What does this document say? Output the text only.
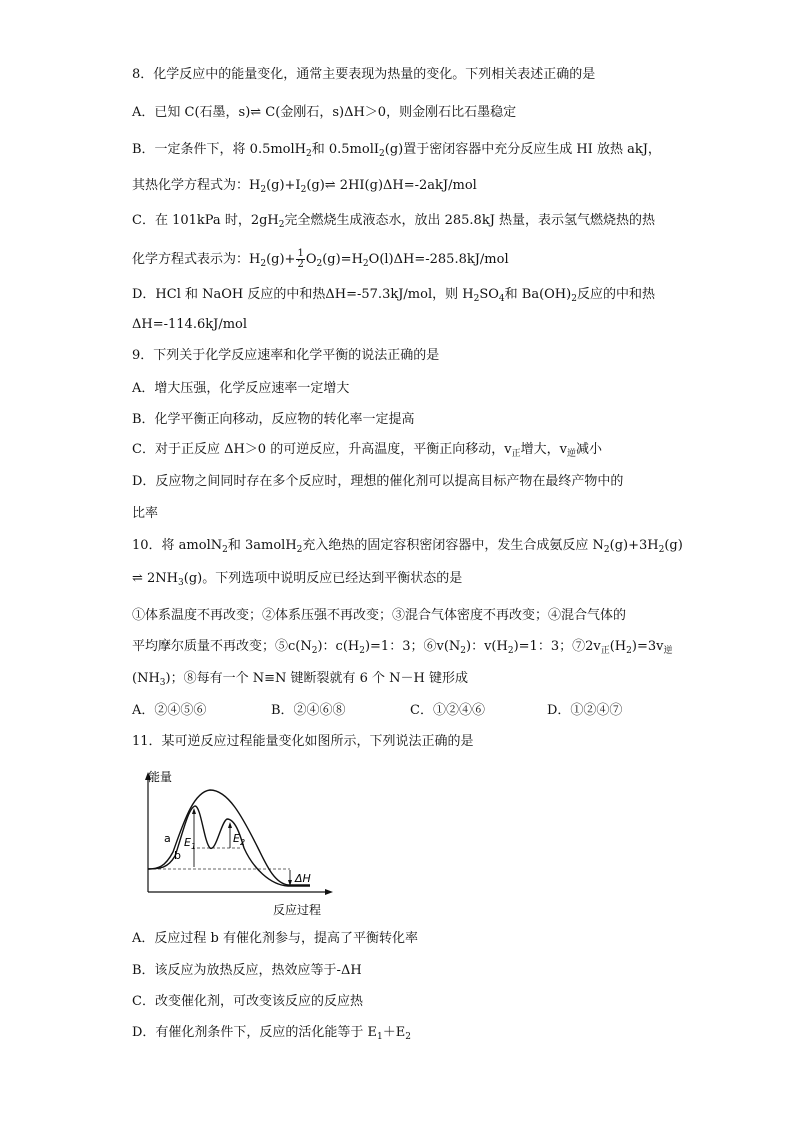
8．化学反应中的能量变化，通常主要表现为热量的变化。下列相关表述正确的是
A．已知 C(石墨，s)⇌ C(金刚石，s)ΔH＞0，则金刚石比石墨稳定
B．一定条件下，将 0.5molH$_2$和 0.5molI$_2$(g)置于密闭容器中充分反应生成 HI 放热 akJ，
其热化学方程式为：$H_2(g)+I_2(g)\rightleftharpoons$ 2HI(g)ΔH=-2akJ/mol
C．在 101kPa 时，$2gH_2$完全燃烧生成液态水，放出 285.8kJ 热量，表示氢气燃烧热的热
化学方程式表示为：$H_2(g)+ \frac{1}{2} O_2(g)=H_2O(l)\Delta H=-285.8kJ/mol$
D．HCl 和 NaOH 反应的中和热ΔH=-57.3kJ/mol，则 $H_2SO_4$和 $Ba(OH)_2$反应的中和热
ΔH=-114.6kJ/mol
9．下列关于化学反应速率和化学平衡的说法正确的是
A．增大压强，化学反应速率一定增大
B．化学平衡正向移动，反应物的转化率一定提高
C．对于正反应 ΔH＞0 的可逆反应，升高温度，平衡正向移动，$v_正$增大，$v_逆$减小
D．反应物之间同时存在多个反应时，理想的催化剂可以提高目标产物在最终产物中的
比率
10．将 amolN$_2$和 3amolH$_2$充入绝热的固定容积密闭容器中，发生合成氨反应 $N_2(g)+3H_2(g)$
⇌ $2NH_3(g)$。下列选项中说明反应已经达到平衡状态的是
①体系温度不再改变；②体系压强不再改变；③混合气体密度不再改变；④混合气体的
平均摩尔质量不再改变；$⑤c(N_2)$：$c(H_2)=1$：3；$⑥v(N_2)$：$v(H_2)=1$：3；$⑦2v_正(H_2)=3v_逆$
$(NH_3)$；⑧每有一个 N≡N 键断裂就有 6 个 N－H 键形成
A．②④⑤⑥	B．②④⑥⑧	C．①②④⑥	D．①②④⑦
11．某可逆反应过程能量变化如图所示，下列说法正确的是
能量
反应过程
a
b
$E_1$
$E_2$
ΔH
A．反应过程 b 有催化剂参与，提高了平衡转化率
B．该反应为放热反应，热效应等于-ΔH
C．改变催化剂，可改变该反应的反应热
D．有催化剂条件下，反应的活化能等于 $E_1+E_2$
